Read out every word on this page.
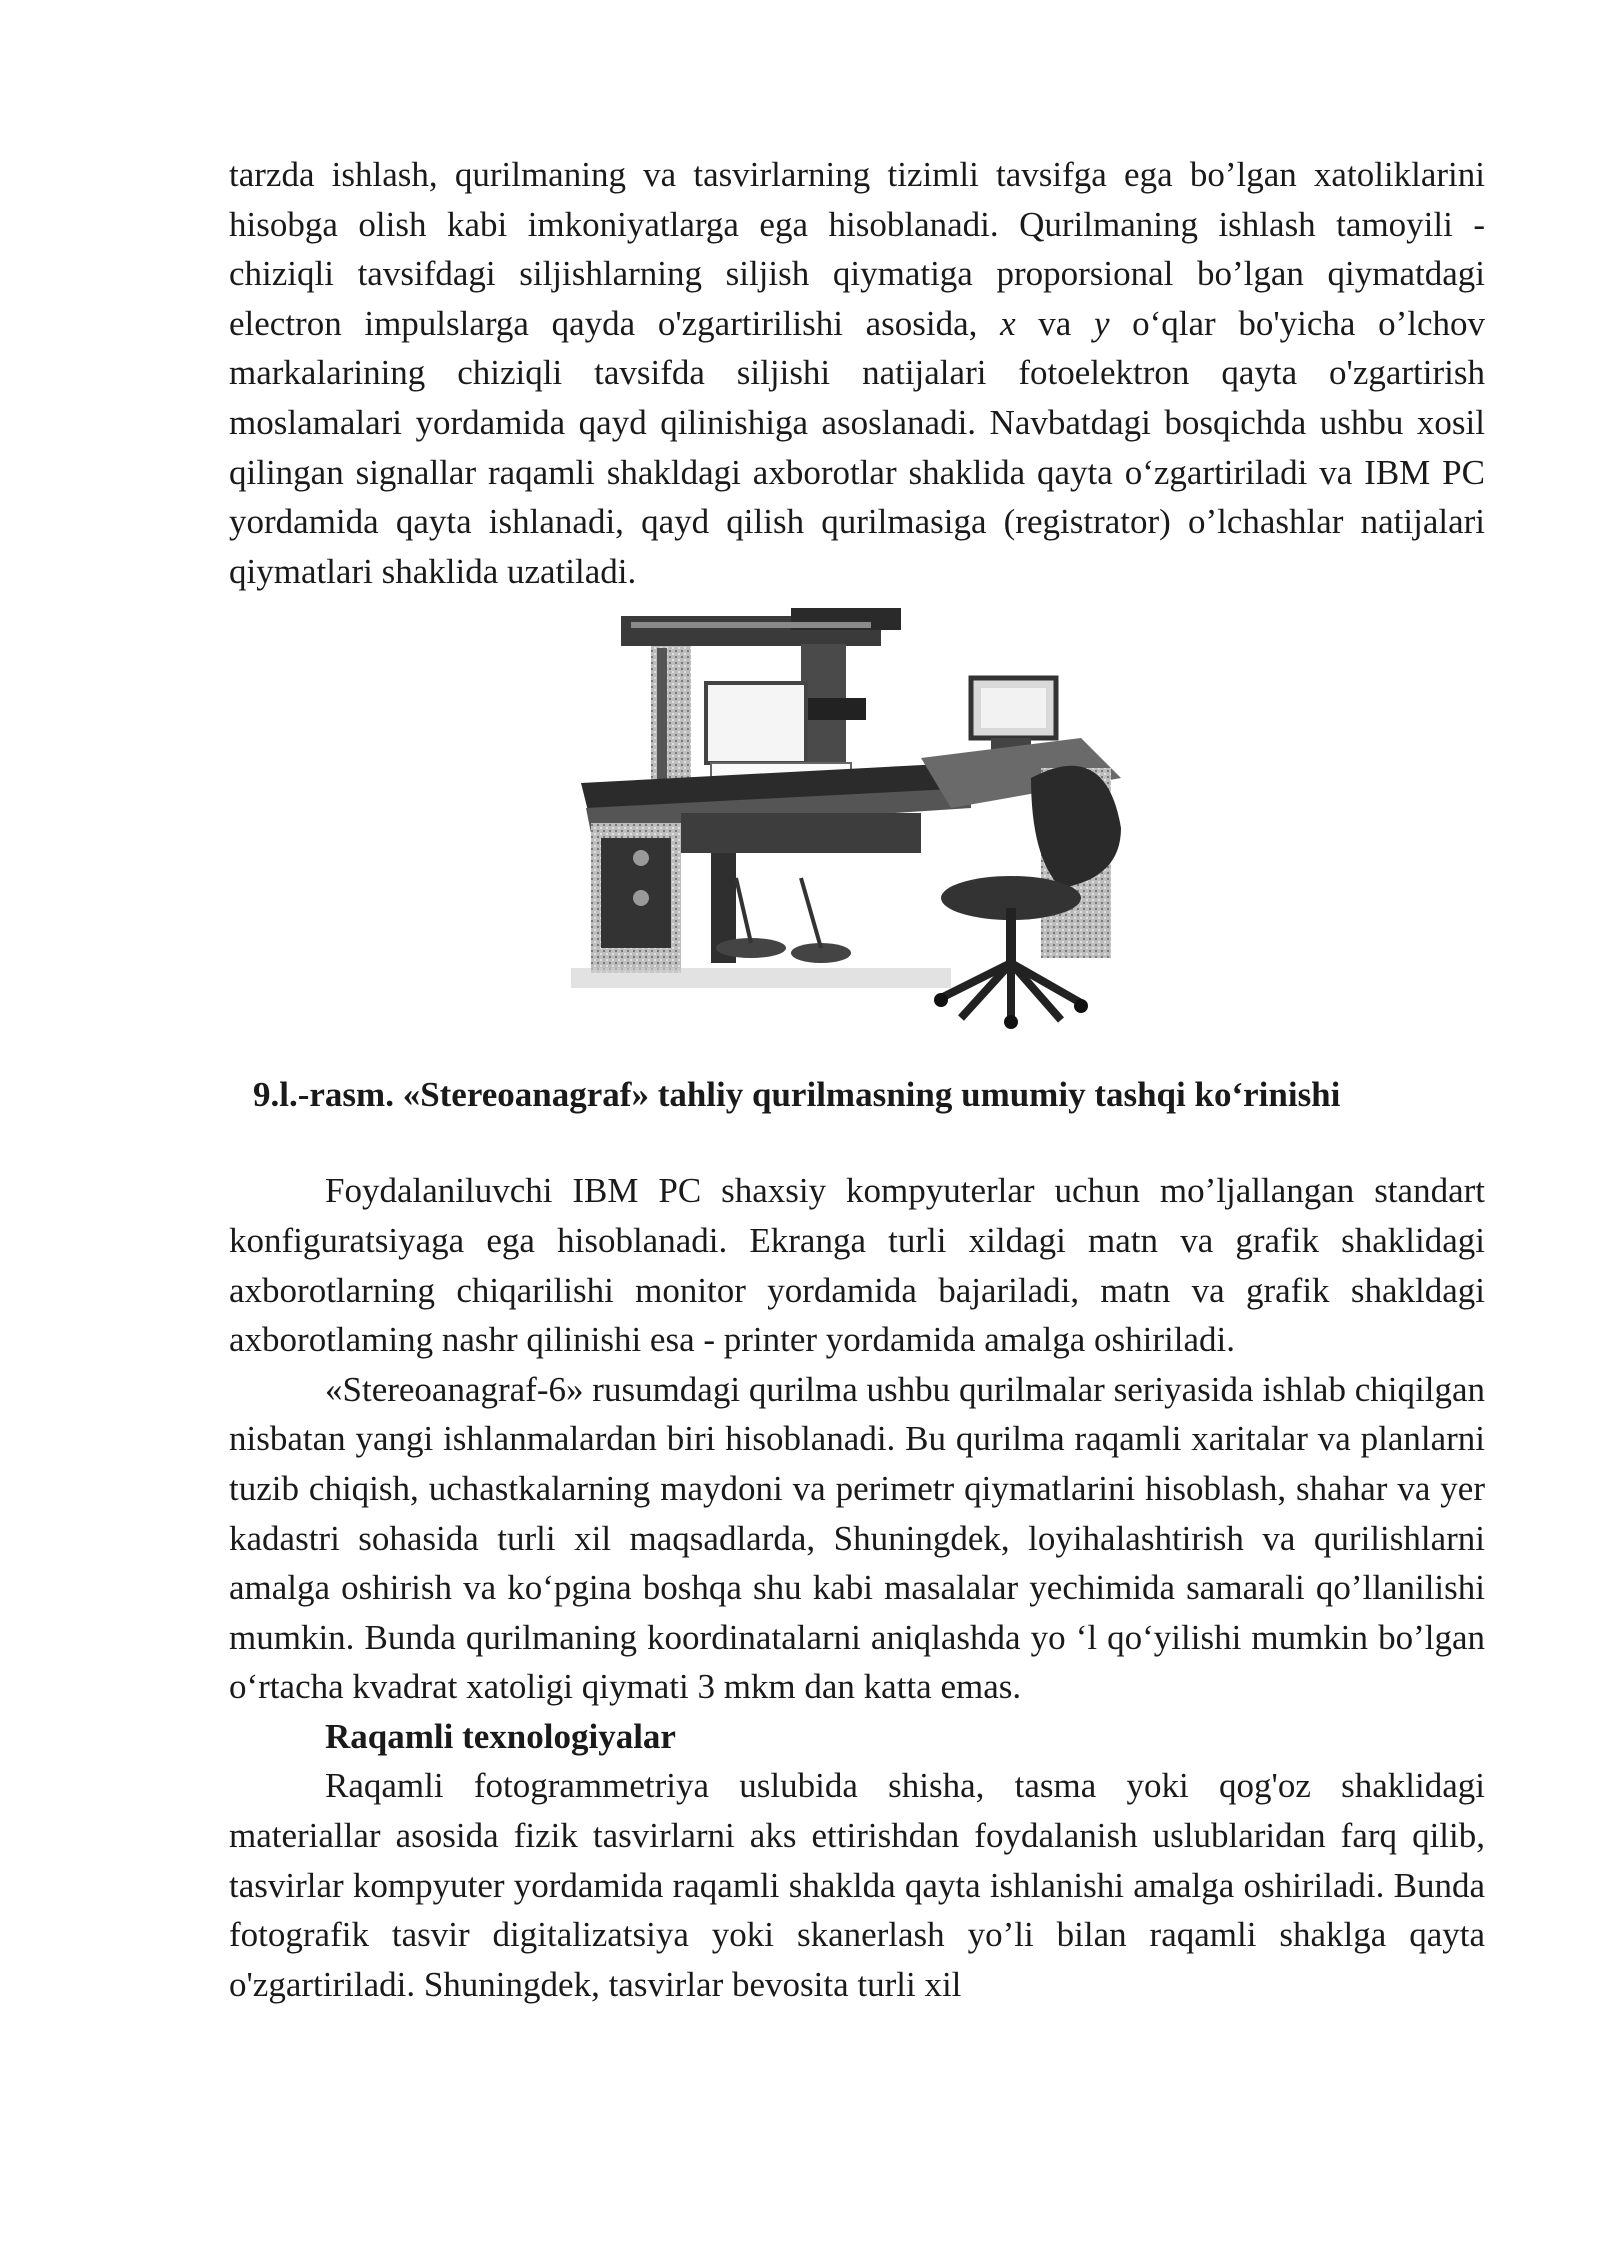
tarzda ishlash, qurilmaning va tasvirlarning tizimli tavsifga ega bo’lgan xatoliklarini hisobga olish kabi imkoniyatlarga ega hisoblanadi. Qurilmaning ishlash tamoyili - chiziqli tavsifdagi siljishlarning siljish qiymatiga proporsional bo’lgan qiymatdagi electron impulslarga qayda o'zgartirilishi asosida, x va y o‘qlar bo'yicha o’lchov markalarining chiziqli tavsifda siljishi natijalari fotoelektron qayta o'zgartirish moslamalari yordamida qayd qilinishiga asoslanadi. Navbatdagi bosqichda ushbu xosil qilingan signallar raqamli shakldagi axborotlar shaklida qayta o‘zgartiriladi va IBM PC yordamida qayta ishlanadi, qayd qilish qurilmasiga (registrator) o’lchashlar natijalari qiymatlari shaklida uzatiladi.

9.l.-rasm. «Stereoanagraf» tahliy qurilmasning umumiy tashqi ko‘rinishi

Foydalaniluvchi IBM PC shaxsiy kompyuterlar uchun mo’ljallangan standart konfiguratsiyaga ega hisoblanadi. Ekranga turli xildagi matn va grafik shaklidagi axborotlarning chiqarilishi monitor yordamida bajariladi, matn va grafik shakldagi axborotlaming nashr qilinishi esa - printer yordamida amalga oshiriladi.

«Stereoanagraf-6» rusumdagi qurilma ushbu qurilmalar seriyasida ishlab chiqilgan nisbatan yangi ishlanmalardan biri hisoblanadi. Bu qurilma raqamli xaritalar va planlarni tuzib chiqish, uchastkalarning maydoni va perimetr qiymatlarini hisoblash, shahar va yer kadastri sohasida turli xil maqsadlarda, Shuningdek, loyihalashtirish va qurilishlarni amalga oshirish va ko‘pgina boshqa shu kabi masalalar yechimida samarali qo’llanilishi mumkin. Bunda qurilmaning koordinatalarni aniqlashda yo ‘l qo‘yilishi mumkin bo’lgan o‘rtacha kvadrat xatoligi qiymati 3 mkm dan katta emas.

Raqamli texnologiyalar

Raqamli fotogrammetriya uslubida shisha, tasma yoki qog'oz shaklidagi materiallar asosida fizik tasvirlarni aks ettirishdan foydalanish uslublaridan farq qilib, tasvirlar kompyuter yordamida raqamli shaklda qayta ishlanishi amalga oshiriladi. Bunda fotografik tasvir digitalizatsiya yoki skanerlash yo’li bilan raqamli shaklga qayta o'zgartiriladi. Shuningdek, tasvirlar bevosita turli xil
